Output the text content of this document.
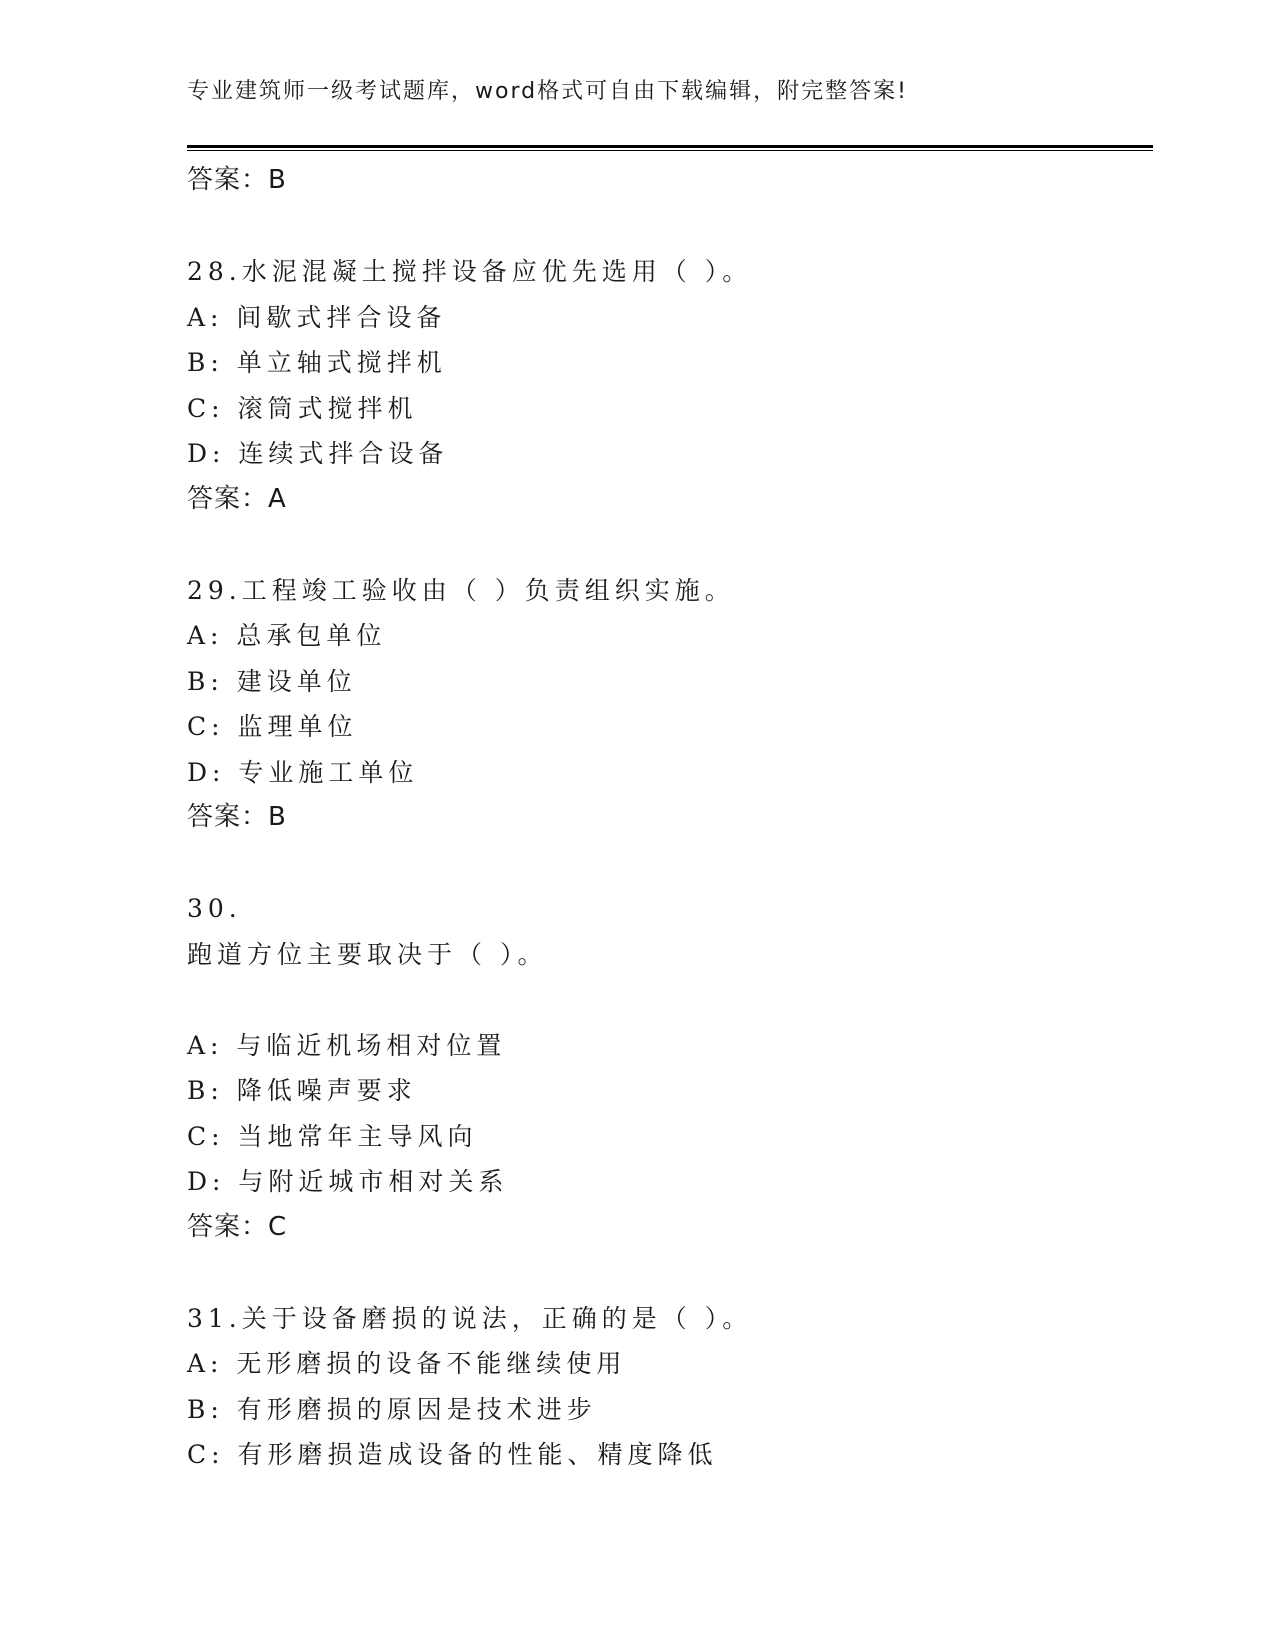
专业建筑师一级考试题库，word格式可自由下载编辑，附完整答案!
答案：B
28.水泥混凝土搅拌设备应优先选用（ ）。
A: 间歇式拌合设备
B: 单立轴式搅拌机
C: 滚筒式搅拌机
D: 连续式拌合设备
答案：A
29.工程竣工验收由（ ）负责组织实施。
A: 总承包单位
B: 建设单位
C: 监理单位
D: 专业施工单位
答案：B
30.
跑道方位主要取决于（ ）。
A: 与临近机场相对位置
B: 降低噪声要求
C: 当地常年主导风向
D: 与附近城市相对关系
答案：C
31.关于设备磨损的说法，正确的是（ ）。
A: 无形磨损的设备不能继续使用
B: 有形磨损的原因是技术进步
C: 有形磨损造成设备的性能、精度降低
